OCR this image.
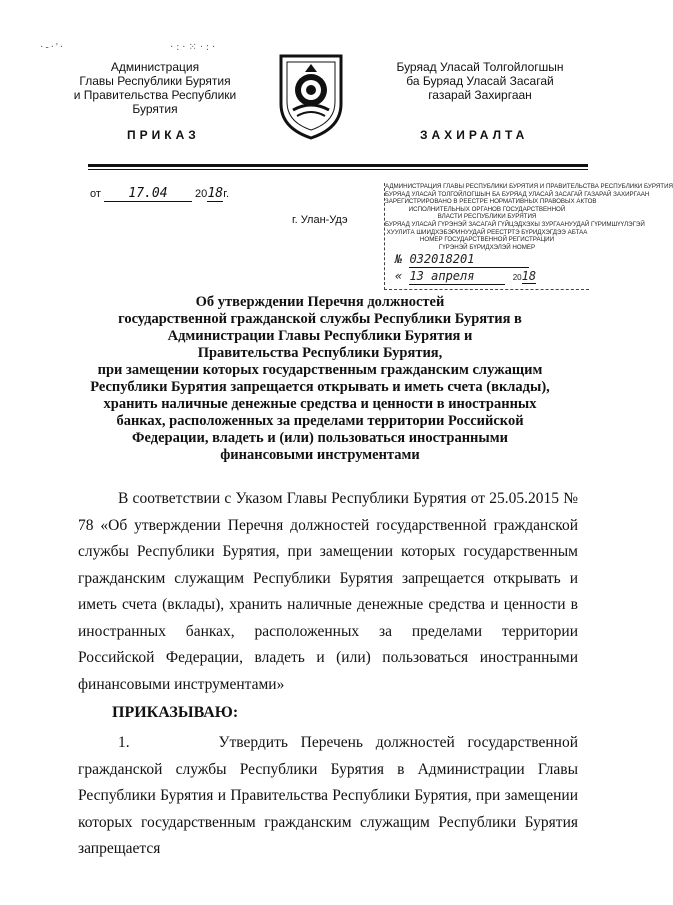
·-·'·	·:·⁙·:·
Администрация
Главы Республики Бурятия
и Правительства Республики
Бурятия
Буряад Уласай Толгойлогшын
ба Буряад Уласай Засагай
газарай Захиргаан
ПРИКАЗ	ЗАХИРАЛТА
от 17.04	2018г.
г. Улан-Удэ
АДМИНИСТРАЦИЯ ГЛАВЫ РЕСПУБЛИКИ БУРЯТИЯ И ПРАВИТЕЛЬСТВА РЕСПУБЛИКИ БУРЯТИЯ
БУРЯАД УЛАСАЙ ТОЛГОЙЛОГШЫН БА БУРЯАД УЛАСАЙ ЗАСАГАЙ ГАЗАРАЙ ЗАХИРГААН
ЗАРЕГИСТРИРОВАНО В РЕЕСТРЕ НОРМАТИВНЫХ ПРАВОВЫХ АКТОВ
ИСПОЛНИТЕЛЬНЫХ ОРГАНОВ ГОСУДАРСТВЕННОЙ
ВЛАСТИ РЕСПУБЛИКИ БУРЯТИЯ
БУРЯАД УЛАСАЙ ГҮРЭНЭЙ ЗАСАГАЙ ГҮЙЦЭДХЭХЫ ЗУРГААНУУДАЙ ГҮРИМШҮҮЛЭГЭЙ
ХУУЛИТА ШИИДХЭБЭРИНУУДАЙ РЕЕСТРТЭ БҮРИДХЭГДЭЭ АБТАА
НОМЕР ГОСУДАРСТВЕННОЙ РЕГИСТРАЦИИ
ГҮРЭНЭЙ БҮРИДХЭЛЭЙ НОМЕР
№ 032018201
« 13 апреля	2018
Об утверждении Перечня должностей
государственной гражданской службы Республики Бурятия в
Администрации Главы Республики Бурятия и
Правительства Республики Бурятия,
при замещении которых государственным гражданским служащим
Республики Бурятия запрещается открывать и иметь счета (вклады),
хранить наличные денежные средства и ценности в иностранных
банках, расположенных за пределами территории Российской
Федерации, владеть и (или) пользоваться иностранными
финансовыми инструментами

В соответствии с Указом Главы Республики Бурятия от 25.05.2015 № 78 «Об утверждении Перечня должностей государственной гражданской службы Республики Бурятия, при замещении которых государственным гражданским служащим Республики Бурятия запрещается открывать и иметь счета (вклады), хранить наличные денежные средства и ценности в иностранных банках, расположенных за пределами территории Российской Федерации, владеть и (или) пользоваться иностранными финансовыми инструментами»

ПРИКАЗЫВАЮ:

1.       Утвердить Перечень должностей государственной гражданской службы Республики Бурятия в Администрации Главы Республики Бурятия и Правительства Республики Бурятия, при замещении которых государственным гражданским служащим Республики Бурятия запрещается
